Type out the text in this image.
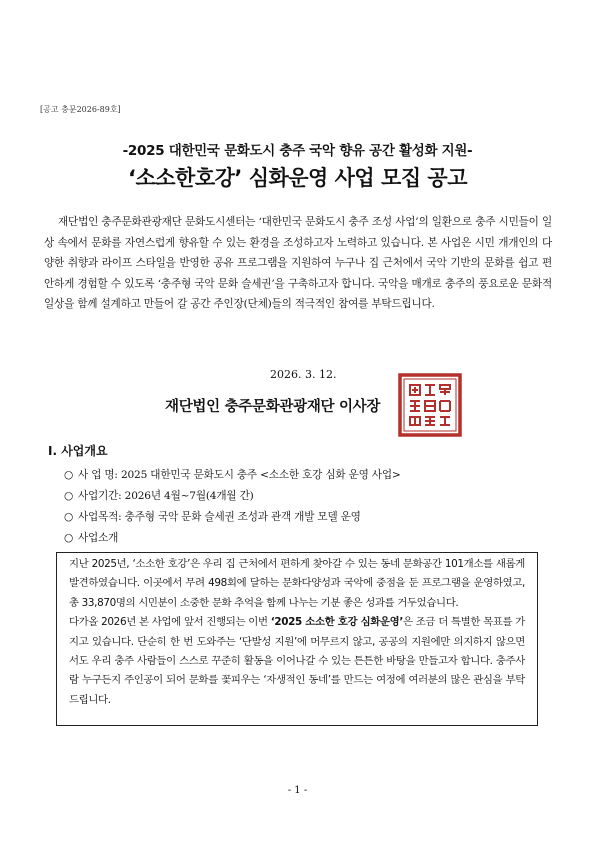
[공고 충문2026-89호]
-2025 대한민국 문화도시 충주 국악 향유 공간 활성화 지원-
‘소소한호강’ 심화운영 사업 모집 공고

재단법인 충주문화관광재단 문화도시센터는 ‘대한민국 문화도시 충주 조성 사업’의 일환으로 충주 시민들이 일상 속에서 문화를 자연스럽게 향유할 수 있는 환경을 조성하고자 노력하고 있습니다. 본 사업은 시민 개개인의 다양한 취향과 라이프 스타일을 반영한 공유 프로그램을 지원하여 누구나 집 근처에서 국악 기반의 문화를 쉽고 편안하게 경험할 수 있도록 ‘충주형 국악 문화 슬세권’을 구축하고자 합니다. 국악을 매개로 충주의 풍요로운 문화적 일상을 함께 설계하고 만들어 갈 공간 주인장(단체)들의 적극적인 참여를 부탁드립니다.

2026. 3. 12.
재단법인 충주문화관광재단 이사장
Ⅰ. 사업개요
○ 사 업 명: 2025 대한민국 문화도시 충주 <소소한 호강 심화 운영 사업>
○ 사업기간: 2026년 4월~7월(4개월 간)
○ 사업목적: 충주형 국악 문화 슬세권 조성과 관객 개발 모델 운영
○ 사업소개

지난 2025년, ‘소소한 호강’은 우리 집 근처에서 편하게 찾아갈 수 있는 동네 문화공간 101개소를 새롭게 발견하였습니다. 이곳에서 무려 498회에 달하는 문화다양성과 국악에 중점을 둔 프로그램을 운영하였고, 총 33,870명의 시민분이 소중한 문화 추억을 함께 나누는 기분 좋은 성과를 거두었습니다.

다가올 2026년 본 사업에 앞서 진행되는 이번 ‘2025 소소한 호강 심화운영’은 조금 더 특별한 목표를 가지고 있습니다. 단순히 한 번 도와주는 ‘단발성 지원’에 머무르지 않고, 공공의 지원에만 의지하지 않으면서도 우리 충주 사람들이 스스로 꾸준히 활동을 이어나갈 수 있는 튼튼한 바탕을 만들고자 합니다. 충주사람 누구든지 주인공이 되어 문화를 꽃피우는 ‘자생적인 동네’를 만드는 여정에 여러분의 많은 관심을 부탁드립니다.

- 1 -
